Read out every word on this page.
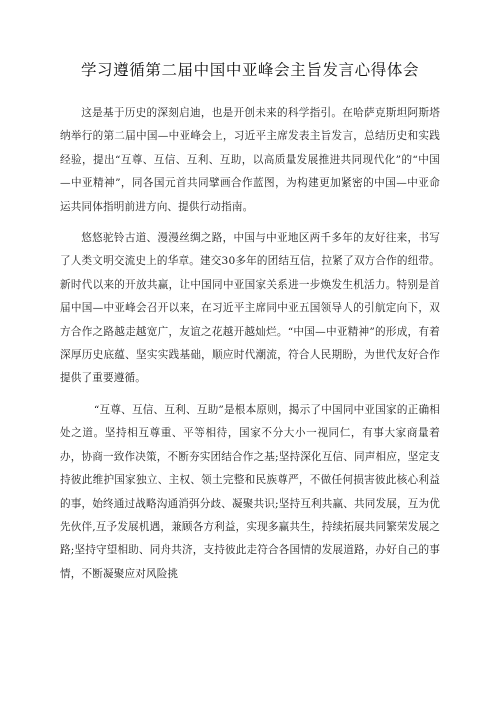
学习遵循第二届中国中亚峰会主旨发言心得体会

这是基于历史的深刻启迪，也是开创未来的科学指引。在哈萨克斯坦阿斯塔纳举行的第二届中国—中亚峰会上，习近平主席发表主旨发言，总结历史和实践经验，提出“互尊、互信、互利、互助，以高质量发展推进共同现代化”的“中国—中亚精神”，同各国元首共同擘画合作蓝图，为构建更加紧密的中国—中亚命运共同体指明前进方向、提供行动指南。

悠悠驼铃古道、漫漫丝绸之路，中国与中亚地区两千多年的友好往来，书写了人类文明交流史上的华章。建交30多年的团结互信，拉紧了双方合作的纽带。新时代以来的开放共赢，让中国同中亚国家关系进一步焕发生机活力。特别是首届中国—中亚峰会召开以来，在习近平主席同中亚五国领导人的引航定向下，双方合作之路越走越宽广，友谊之花越开越灿烂。“中国—中亚精神”的形成，有着深厚历史底蕴、坚实实践基础，顺应时代潮流，符合人民期盼，为世代友好合作提供了重要遵循。

“互尊、互信、互利、互助”是根本原则，揭示了中国同中亚国家的正确相处之道。坚持相互尊重、平等相待，国家不分大小一视同仁，有事大家商量着办，协商一致作决策，不断夯实团结合作之基;坚持深化互信、同声相应，坚定支持彼此维护国家独立、主权、领土完整和民族尊严，不做任何损害彼此核心利益的事，始终通过战略沟通消弭分歧、凝聚共识;坚持互利共赢、共同发展，互为优先伙伴,互予发展机遇，兼顾各方利益，实现多赢共生，持续拓展共同繁荣发展之路;坚持守望相助、同舟共济，支持彼此走符合各国情的发展道路，办好自己的事情，不断凝聚应对风险挑
